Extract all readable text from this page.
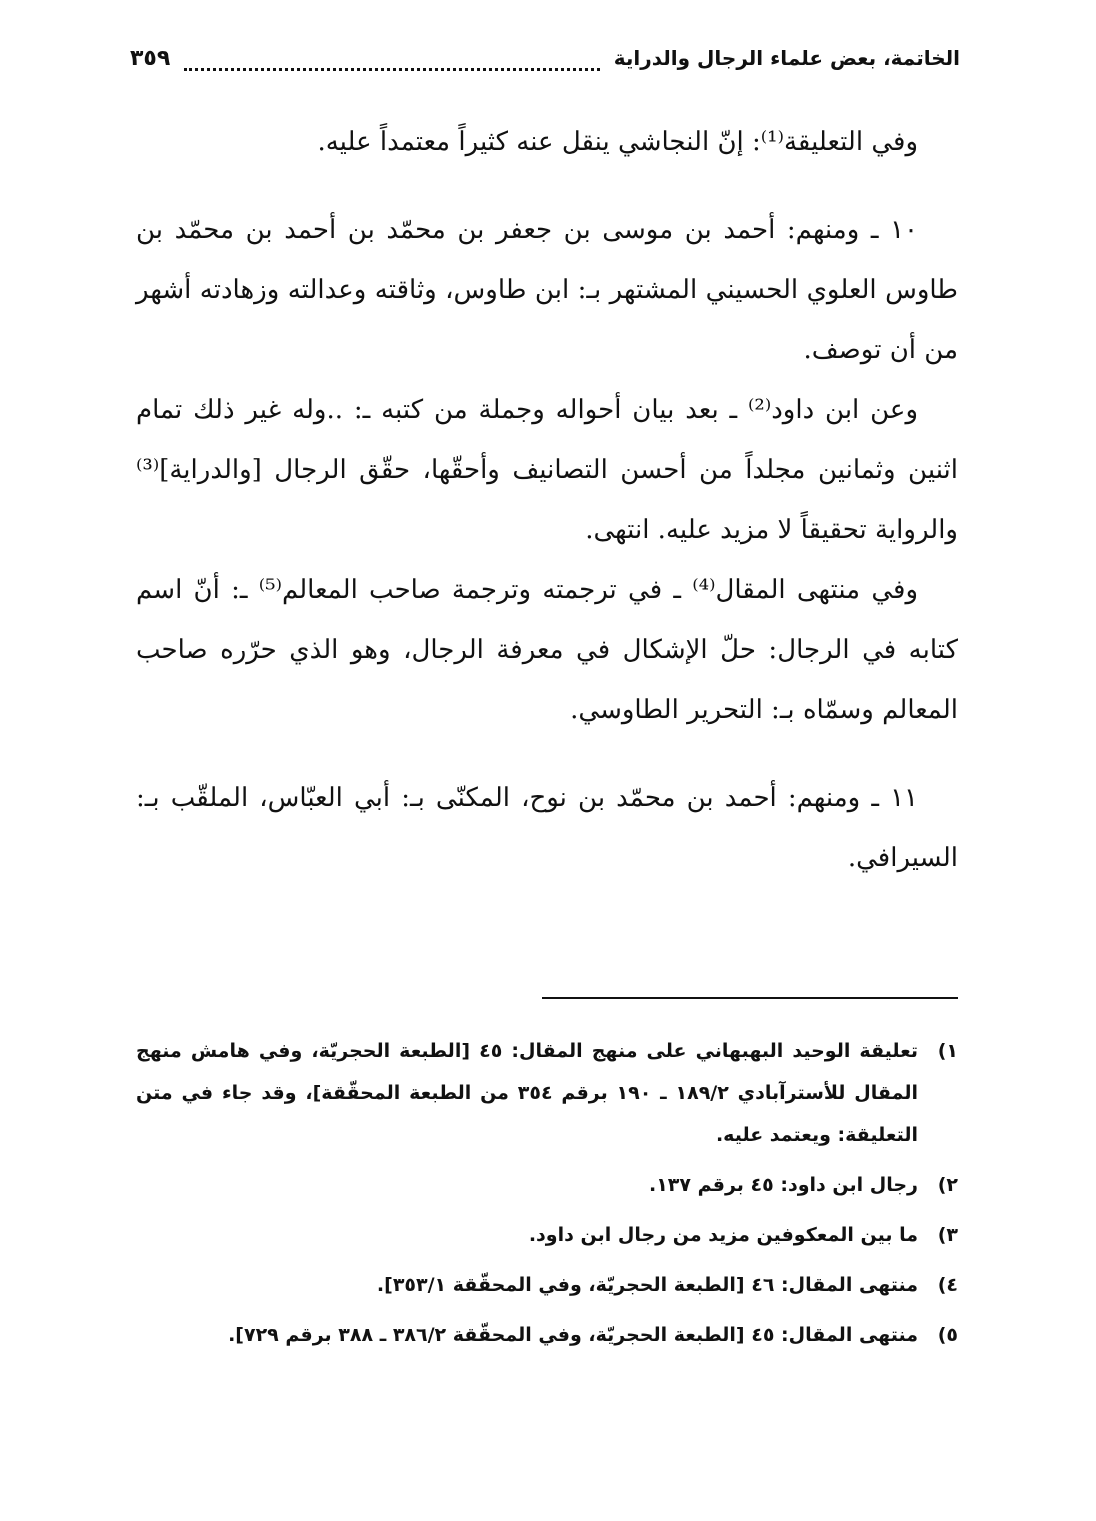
الخاتمة، بعض علماء الرجال والدراية
٣٥٩

وفي التعليقة⁽¹⁾: إنّ النجاشي ينقل عنه كثيراً معتمداً عليه.

١٠ ـ ومنهم: أحمد بن موسى بن جعفر بن محمّد بن أحمد بن محمّد بن طاوس العلوي الحسيني المشتهر بـ: ابن طاوس، وثاقته وعدالته وزهادته أشهر من أن توصف.

وعن ابن داود⁽²⁾ ـ بعد بيان أحواله وجملة من كتبه ـ: ..وله غير ذلك تمام اثنين وثمانين مجلداً من أحسن التصانيف وأحقّها، حقّق الرجال [والدراية]⁽³⁾ والرواية تحقيقاً لا مزيد عليه. انتهى.

وفي منتهى المقال⁽⁴⁾ ـ في ترجمته وترجمة صاحب المعالم⁽⁵⁾ ـ: أنّ اسم كتابه في الرجال: حلّ الإشكال في معرفة الرجال، وهو الذي حرّره صاحب المعالم وسمّاه بـ: التحرير الطاوسي.

١١ ـ ومنهم: أحمد بن محمّد بن نوح، المكنّى بـ: أبي العبّاس، الملقّب بـ: السيرافي.

١)
تعليقة الوحيد البهبهاني على منهج المقال: ٤٥ [الطبعة الحجريّة، وفي هامش منهج المقال للأسترآبادي ١٨٩/٢ ـ ١٩٠ برقم ٣٥٤ من الطبعة المحقّقة]، وقد جاء في متن التعليقة: ويعتمد عليه.
٢)
رجال ابن داود: ٤٥ برقم ١٣٧.
٣)
ما بين المعكوفين مزيد من رجال ابن داود.
٤)
منتهى المقال: ٤٦ [الطبعة الحجريّة، وفي المحقّقة ٣٥٣/١].
٥)
منتهى المقال: ٤٥ [الطبعة الحجريّة، وفي المحقّقة ٣٨٦/٢ ـ ٣٨٨ برقم ٧٢٩].
